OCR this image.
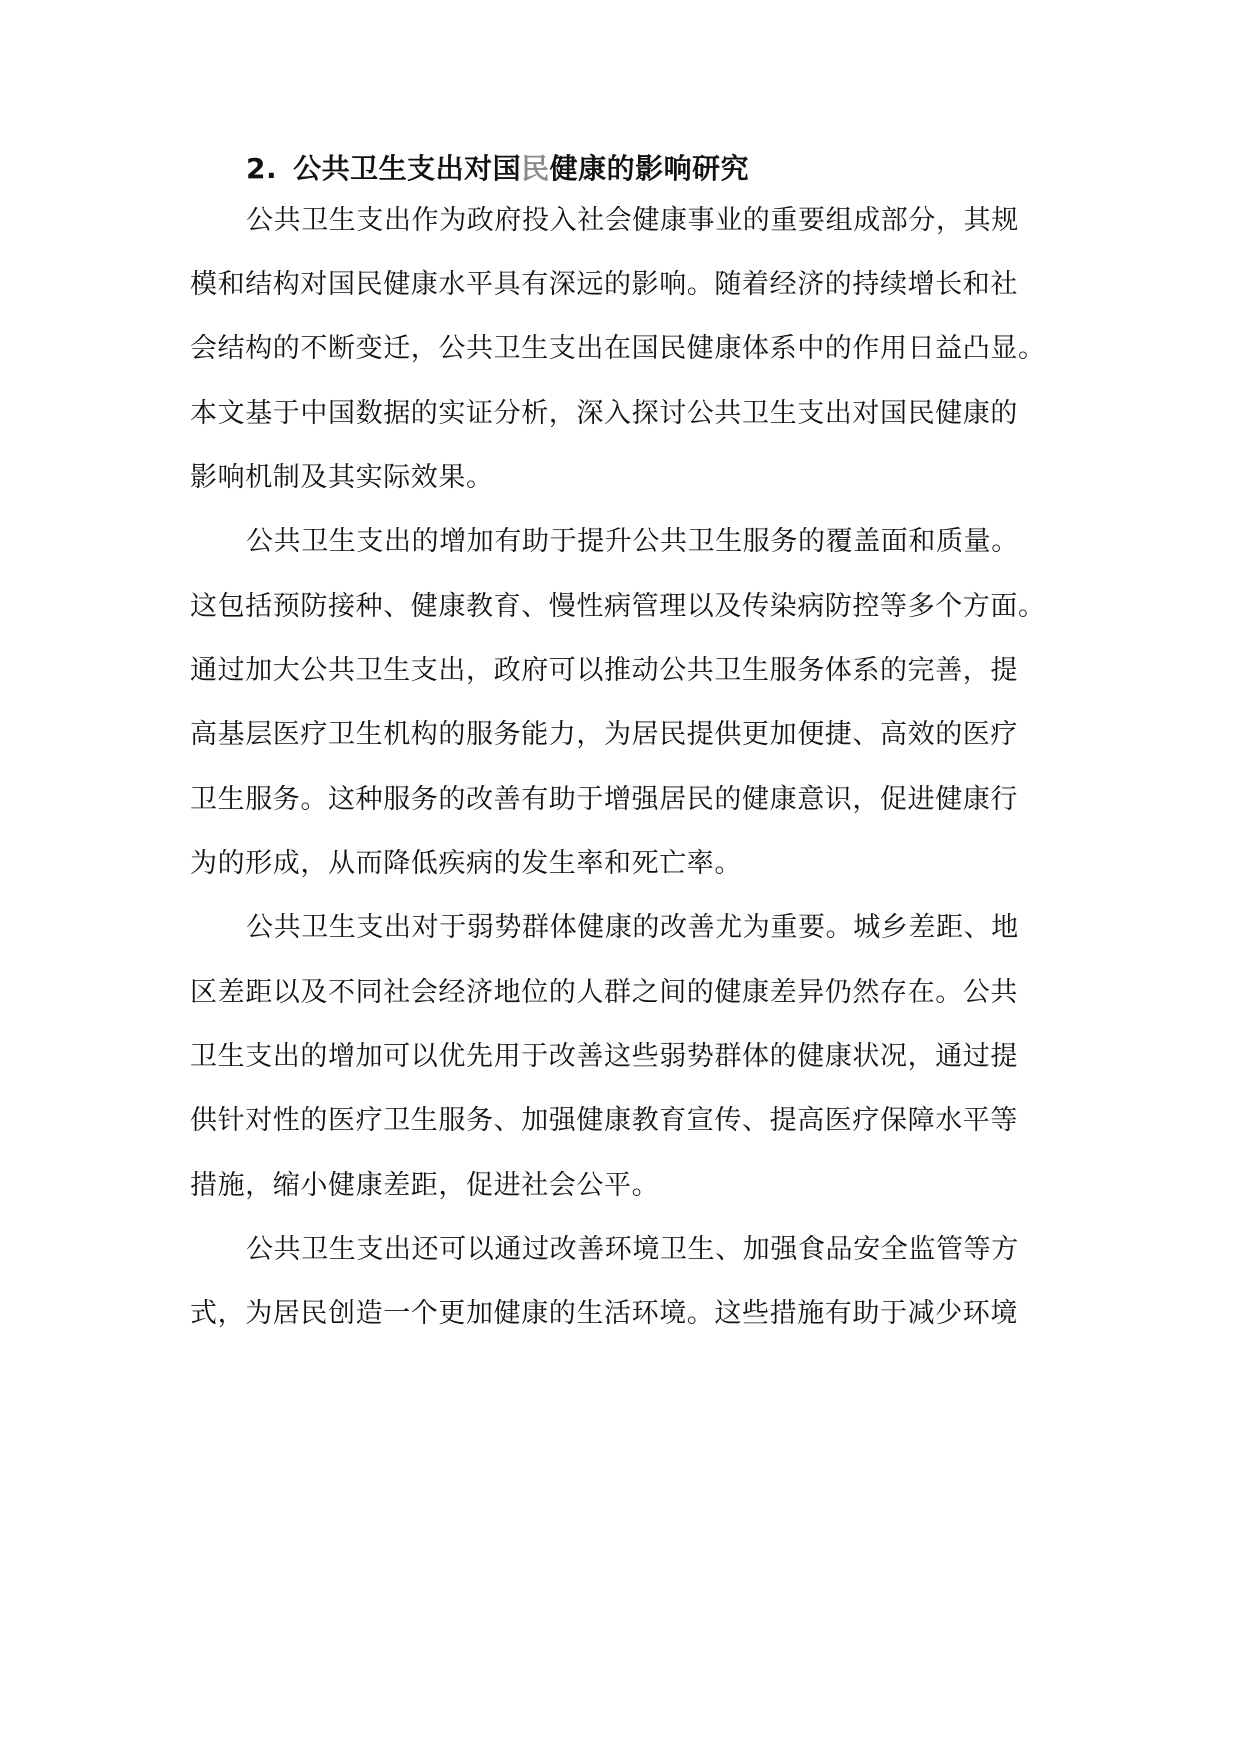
2. 公共卫生支出对国民健康的影响研究

公共卫生支出作为政府投入社会健康事业的重要组成部分，其规

模和结构对国民健康水平具有深远的影响。随着经济的持续增长和社

会结构的不断变迁，公共卫生支出在国民健康体系中的作用日益凸显。

本文基于中国数据的实证分析，深入探讨公共卫生支出对国民健康的

影响机制及其实际效果。

公共卫生支出的增加有助于提升公共卫生服务的覆盖面和质量。

这包括预防接种、健康教育、慢性病管理以及传染病防控等多个方面。

通过加大公共卫生支出，政府可以推动公共卫生服务体系的完善，提

高基层医疗卫生机构的服务能力，为居民提供更加便捷、高效的医疗

卫生服务。这种服务的改善有助于增强居民的健康意识，促进健康行

为的形成，从而降低疾病的发生率和死亡率。

公共卫生支出对于弱势群体健康的改善尤为重要。城乡差距、地

区差距以及不同社会经济地位的人群之间的健康差异仍然存在。公共

卫生支出的增加可以优先用于改善这些弱势群体的健康状况，通过提

供针对性的医疗卫生服务、加强健康教育宣传、提高医疗保障水平等

措施，缩小健康差距，促进社会公平。

公共卫生支出还可以通过改善环境卫生、加强食品安全监管等方

式，为居民创造一个更加健康的生活环境。这些措施有助于减少环境
